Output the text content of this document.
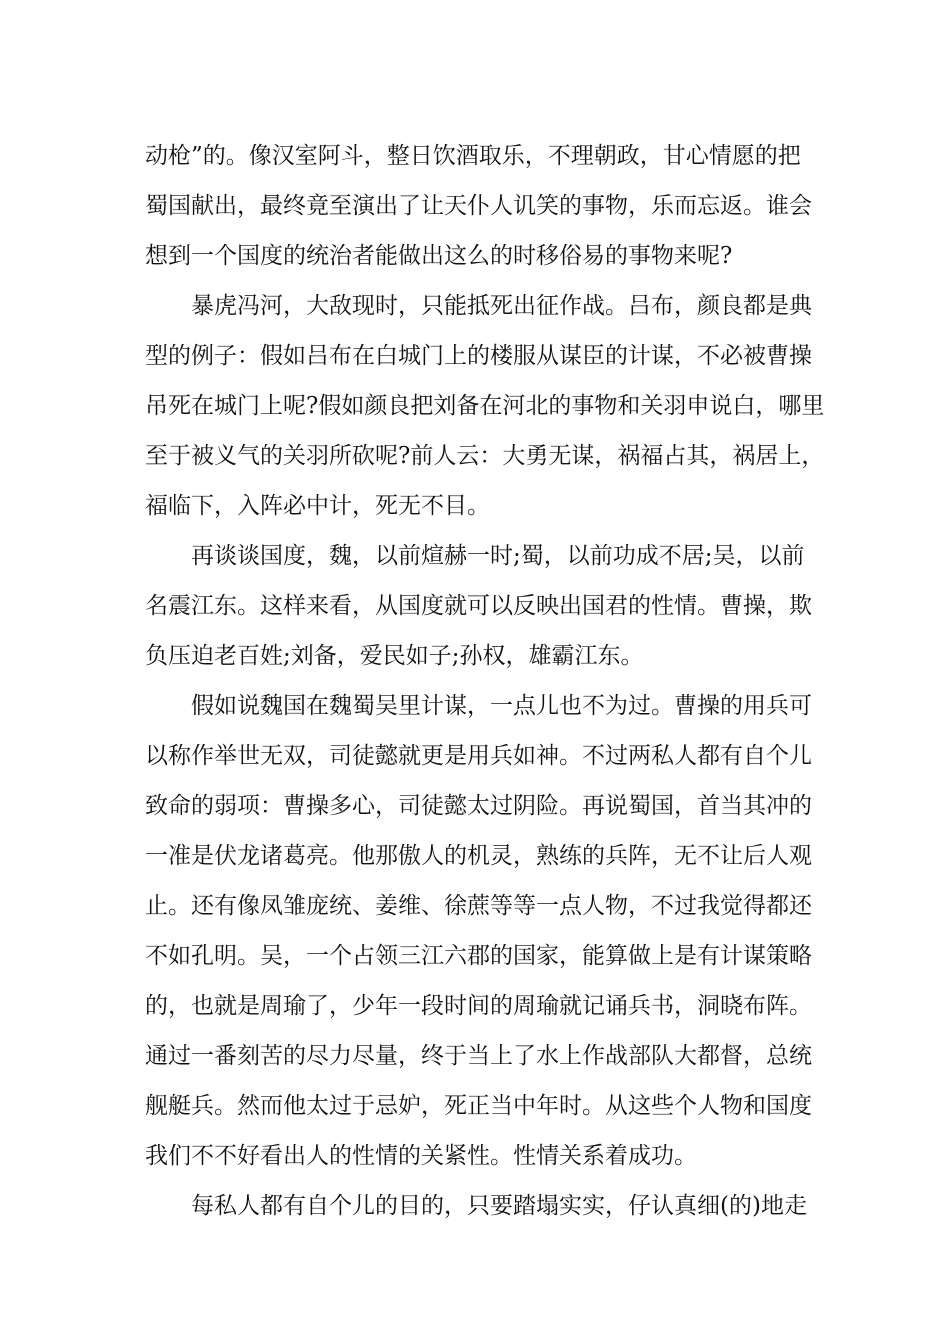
动枪”的。像汉室阿斗，整日饮酒取乐，不理朝政，甘心情愿的把
蜀国献出，最终竟至演出了让天仆人讥笑的事物，乐而忘返。谁会
想到一个国度的统治者能做出这么的时移俗易的事物来呢?

　　暴虎冯河，大敌现时，只能抵死出征作战。吕布，颜良都是典
型的例子：假如吕布在白城门上的楼服从谋臣的计谋，不必被曹操
吊死在城门上呢?假如颜良把刘备在河北的事物和关羽申说白，哪里
至于被义气的关羽所砍呢?前人云：大勇无谋，祸福占其，祸居上，
福临下，入阵必中计，死无不目。

　　再谈谈国度，魏，以前煊赫一时;蜀，以前功成不居;吴，以前
名震江东。这样来看，从国度就可以反映出国君的性情。曹操，欺
负压迫老百姓;刘备，爱民如子;孙权，雄霸江东。

　　假如说魏国在魏蜀吴里计谋，一点儿也不为过。曹操的用兵可
以称作举世无双，司徒懿就更是用兵如神。不过两私人都有自个儿
致命的弱项：曹操多心，司徒懿太过阴险。再说蜀国，首当其冲的
一准是伏龙诸葛亮。他那傲人的机灵，熟练的兵阵，无不让后人观
止。还有像凤雏庞统、姜维、徐蔗等等一点人物，不过我觉得都还
不如孔明。吴，一个占领三江六郡的国家，能算做上是有计谋策略
的，也就是周瑜了，少年一段时间的周瑜就记诵兵书，洞晓布阵。
通过一番刻苦的尽力尽量，终于当上了水上作战部队大都督，总统
舰艇兵。然而他太过于忌妒，死正当中年时。从这些个人物和国度
我们不不好看出人的性情的关紧性。性情关系着成功。

　　每私人都有自个儿的目的，只要踏塌实实，仔认真细(的)地走
